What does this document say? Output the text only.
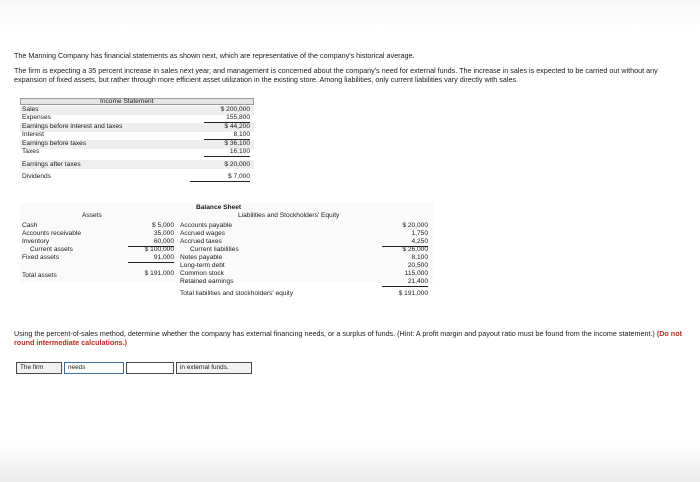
The Manning Company has financial statements as shown next, which are representative of the company's historical average.
The firm is expecting a 35 percent increase in sales next year, and management is concerned about the company's need for external funds. The increase in sales is expected to be carried out without any expansion of fixed assets, but rather through more efficient asset utilization in the existing store. Among liabilities, only current liabilities vary directly with sales.
Income Statement
Sales	$ 200,000
Expenses	155,800
Earnings before interest and taxes	$ 44,200
Interest	8,100
Earnings before taxes	$ 36,100
Taxes	16,100
Earnings after taxes	$ 20,000
Dividends	$ 7,000
Balance Sheet
Assets	Liabilities and Stockholders' Equity
Cash	$ 5,000
Accounts receivable	35,000
Inventory	60,000
Current assets	$ 100,000
Fixed assets	91,000
Total assets	$ 191,000
Accounts payable	$ 20,000
Accrued wages	1,750
Accrued taxes	4,250
Current liabilities	$ 26,000
Notes payable	8,100
Long-term debt	20,500
Common stock	115,000
Retained earnings	21,400
Total liabilities and stockholders' equity	$ 191,000
Using the percent-of-sales method, determine whether the company has external financing needs, or a surplus of funds. (Hint: A profit margin and payout ratio must be found from the income statement.) (Do not round intermediate calculations.)
The firm	needs	in external funds.
